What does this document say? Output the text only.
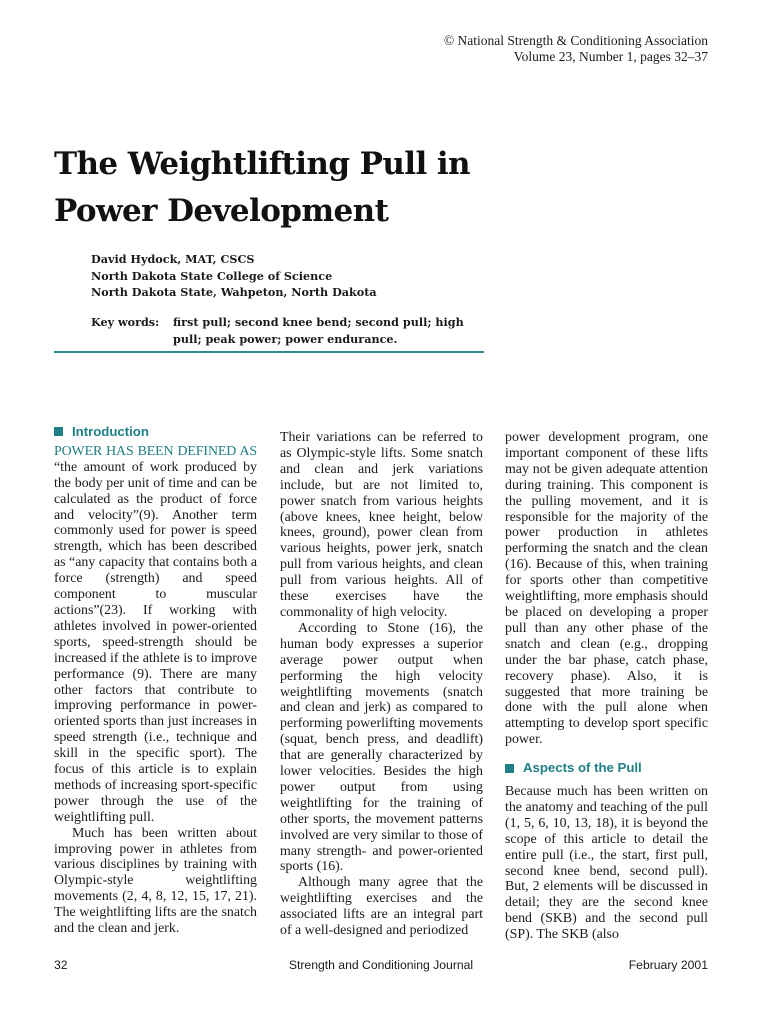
© National Strength & Conditioning Association
Volume 23, Number 1, pages 32–37
The Weightlifting Pull in
Power Development
David Hydock, MAT, CSCS
North Dakota State College of Science
North Dakota State, Wahpeton, North Dakota
Key words:	first pull; second knee bend; second pull; high pull; peak power; power endurance.
Introduction

POWER HAS BEEN DEFINED AS “the amount of work produced by the body per unit of time and can be calculated as the product of force and velocity”(9). Another term commonly used for power is speed strength, which has been described as “any capacity that contains both a force (strength) and speed component to muscular actions”(23). If working with athletes involved in power-oriented sports, speed-strength should be increased if the athlete is to improve performance (9). There are many other factors that contribute to improving performance in power-oriented sports than just increases in speed strength (i.e., technique and skill in the specific sport). The focus of this article is to explain methods of increasing sport-specific power through the use of the weightlifting pull.

Much has been written about improving power in athletes from various disciplines by training with Olympic-style weightlifting movements (2, 4, 8, 12, 15, 17, 21). The weightlifting lifts are the snatch and the clean and jerk.

Their variations can be referred to as Olympic-style lifts. Some snatch and clean and jerk variations include, but are not limited to, power snatch from various heights (above knees, knee height, below knees, ground), power clean from various heights, power jerk, snatch pull from various heights, and clean pull from various heights. All of these exercises have the commonality of high velocity.

According to Stone (16), the human body expresses a superior average power output when performing the high velocity weightlifting movements (snatch and clean and jerk) as compared to performing powerlifting movements (squat, bench press, and deadlift) that are generally characterized by lower velocities. Besides the high power output from using weightlifting for the training of other sports, the movement patterns involved are very similar to those of many strength- and power-oriented sports (16).

Although many agree that the weightlifting exercises and the associated lifts are an integral part of a well-designed and periodized

power development program, one important component of these lifts may not be given adequate attention during training. This component is the pulling movement, and it is responsible for the majority of the power production in athletes performing the snatch and the clean (16). Because of this, when training for sports other than competitive weightlifting, more emphasis should be placed on developing a proper pull than any other phase of the snatch and clean (e.g., dropping under the bar phase, catch phase, recovery phase). Also, it is suggested that more training be done with the pull alone when attempting to develop sport specific power.

Aspects of the Pull

Because much has been written on the anatomy and teaching of the pull (1, 5, 6, 10, 13, 18), it is beyond the scope of this article to detail the entire pull (i.e., the start, first pull, second knee bend, second pull). But, 2 elements will be discussed in detail; they are the second knee bend (SKB) and the second pull (SP). The SKB (also

32	Strength and Conditioning Journal	February 2001
